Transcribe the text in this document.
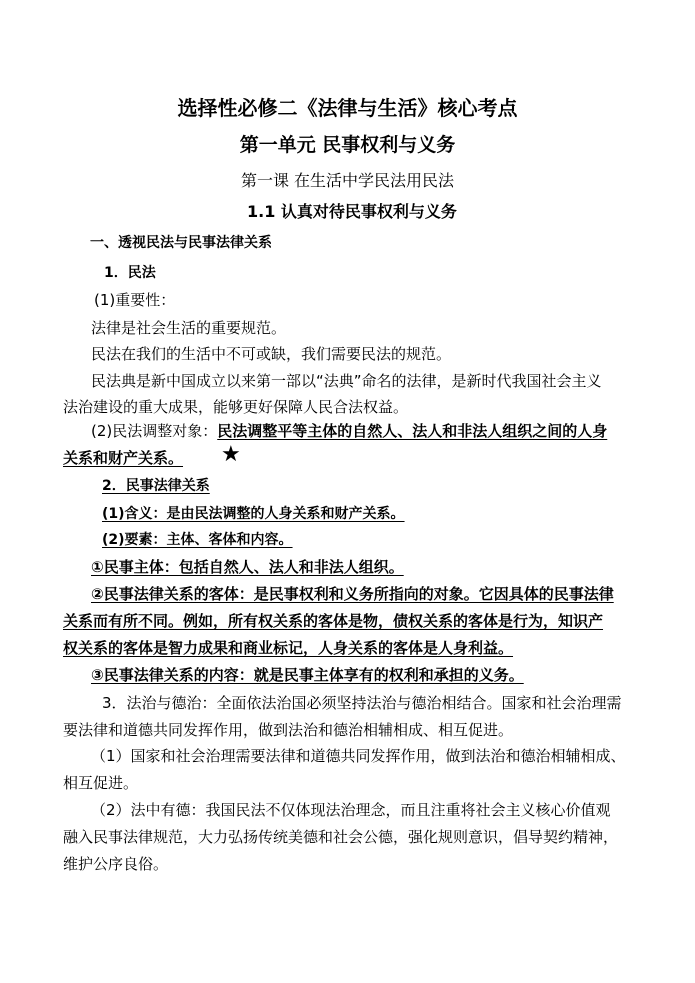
选择性必修二《法律与生活》核心考点
第一单元 民事权利与义务
第一课 在生活中学民法用民法
1.1 认真对待民事权利与义务
一、透视民法与民事法律关系
1．民法
(1)重要性：
法律是社会生活的重要规范。
民法在我们的生活中不可或缺，我们需要民法的规范。
民法典是新中国成立以来第一部以“法典”命名的法律，是新时代我国社会主义
法治建设的重大成果，能够更好保障人民合法权益。
(2)民法调整对象：民法调整平等主体的自然人、法人和非法人组织之间的人身
关系和财产关系。 ★
2．民事法律关系
(1)含义：是由民法调整的人身关系和财产关系。
(2)要素：主体、客体和内容。
①民事主体：包括自然人、法人和非法人组织。
②民事法律关系的客体：是民事权利和义务所指向的对象。它因具体的民事法律
关系而有所不同。例如，所有权关系的客体是物，债权关系的客体是行为，知识产
权关系的客体是智力成果和商业标记，人身关系的客体是人身利益。
③民事法律关系的内容：就是民事主体享有的权利和承担的义务。
3．法治与德治：全面依法治国必须坚持法治与德治相结合。国家和社会治理需
要法律和道德共同发挥作用，做到法治和德治相辅相成、相互促进。
（1）国家和社会治理需要法律和道德共同发挥作用，做到法治和德治相辅相成、
相互促进。
（2）法中有德：我国民法不仅体现法治理念，而且注重将社会主义核心价值观
融入民事法律规范，大力弘扬传统美德和社会公德，强化规则意识，倡导契约精神，
维护公序良俗。
